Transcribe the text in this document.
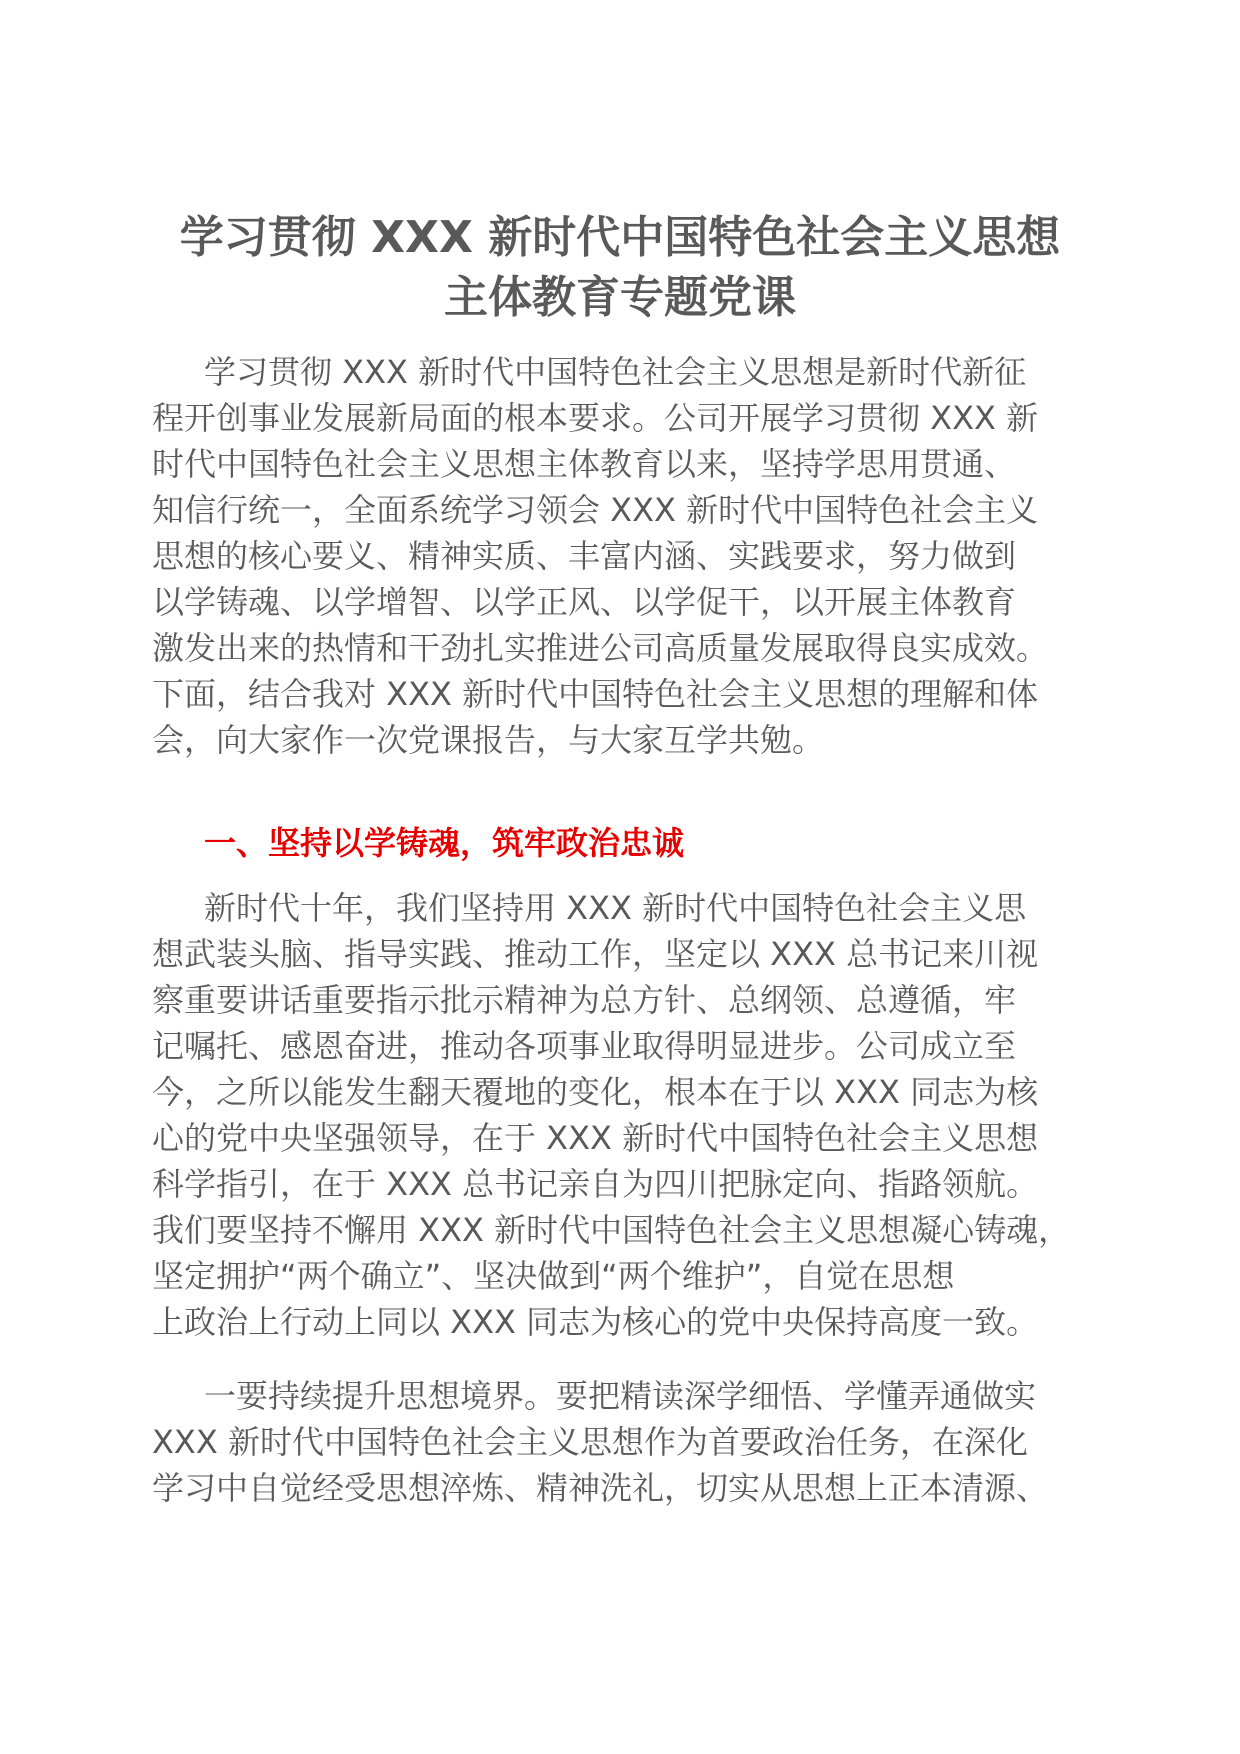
学习贯彻 XXX 新时代中国特色社会主义思想
主体教育专题党课
学习贯彻 XXX 新时代中国特色社会主义思想是新时代新征
程开创事业发展新局面的根本要求。公司开展学习贯彻 XXX 新
时代中国特色社会主义思想主体教育以来，坚持学思用贯通、
知信行统一，全面系统学习领会 XXX 新时代中国特色社会主义
思想的核心要义、精神实质、丰富内涵、实践要求，努力做到
以学铸魂、以学增智、以学正风、以学促干，以开展主体教育
激发出来的热情和干劲扎实推进公司高质量发展取得良实成效。
下面，结合我对 XXX 新时代中国特色社会主义思想的理解和体
会，向大家作一次党课报告，与大家互学共勉。
一、坚持以学铸魂，筑牢政治忠诚
新时代十年，我们坚持用 XXX 新时代中国特色社会主义思
想武装头脑、指导实践、推动工作，坚定以 XXX 总书记来川视
察重要讲话重要指示批示精神为总方针、总纲领、总遵循，牢
记嘱托、感恩奋进，推动各项事业取得明显进步。公司成立至
今，之所以能发生翻天覆地的变化，根本在于以 XXX 同志为核
心的党中央坚强领导，在于 XXX 新时代中国特色社会主义思想
科学指引，在于 XXX 总书记亲自为四川把脉定向、指路领航。
我们要坚持不懈用 XXX 新时代中国特色社会主义思想凝心铸魂，
坚定拥护“两个确立”、坚决做到“两个维护”，自觉在思想
上政治上行动上同以 XXX 同志为核心的党中央保持高度一致。
一要持续提升思想境界。要把精读深学细悟、学懂弄通做实
XXX 新时代中国特色社会主义思想作为首要政治任务，在深化
学习中自觉经受思想淬炼、精神洗礼，切实从思想上正本清源、
